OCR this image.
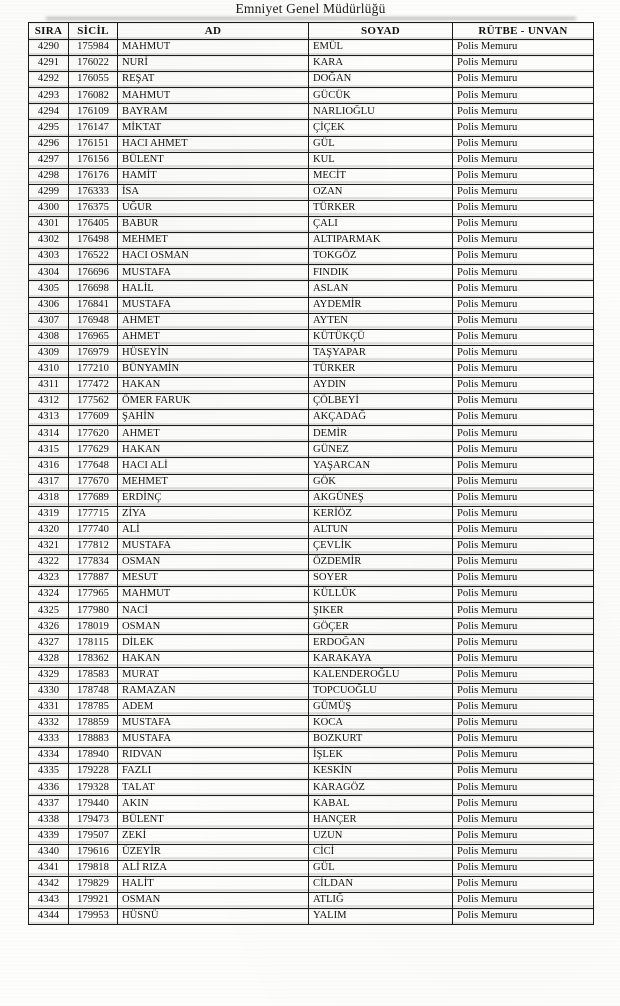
Emniyet Genel Müdürlüğü
SIRA	SİCİL	AD	SOYAD	RÜTBE - UNVAN
4290	175984	MAHMUT	EMÜL	Polis Memuru
4291	176022	NURİ	KARA	Polis Memuru
4292	176055	REŞAT	DOĞAN	Polis Memuru
4293	176082	MAHMUT	GÜCÜK	Polis Memuru
4294	176109	BAYRAM	NARLIOĞLU	Polis Memuru
4295	176147	MİKTAT	ÇİÇEK	Polis Memuru
4296	176151	HACI AHMET	GÜL	Polis Memuru
4297	176156	BÜLENT	KUL	Polis Memuru
4298	176176	HAMİT	MECİT	Polis Memuru
4299	176333	İSA	OZAN	Polis Memuru
4300	176375	UĞUR	TÜRKER	Polis Memuru
4301	176405	BABUR	ÇALI	Polis Memuru
4302	176498	MEHMET	ALTIPARMAK	Polis Memuru
4303	176522	HACI OSMAN	TOKGÖZ	Polis Memuru
4304	176696	MUSTAFA	FINDIK	Polis Memuru
4305	176698	HALİL	ASLAN	Polis Memuru
4306	176841	MUSTAFA	AYDEMİR	Polis Memuru
4307	176948	AHMET	AYTEN	Polis Memuru
4308	176965	AHMET	KÜTÜKÇÜ	Polis Memuru
4309	176979	HÜSEYİN	TAŞYAPAR	Polis Memuru
4310	177210	BÜNYAMİN	TÜRKER	Polis Memuru
4311	177472	HAKAN	AYDIN	Polis Memuru
4312	177562	ÖMER FARUK	ÇÖLBEYİ	Polis Memuru
4313	177609	ŞAHİN	AKÇADAĞ	Polis Memuru
4314	177620	AHMET	DEMİR	Polis Memuru
4315	177629	HAKAN	GÜNEZ	Polis Memuru
4316	177648	HACI ALİ	YAŞARCAN	Polis Memuru
4317	177670	MEHMET	GÖK	Polis Memuru
4318	177689	ERDİNÇ	AKGÜNEŞ	Polis Memuru
4319	177715	ZİYA	KERİÖZ	Polis Memuru
4320	177740	ALİ	ALTUN	Polis Memuru
4321	177812	MUSTAFA	ÇEVLİK	Polis Memuru
4322	177834	OSMAN	ÖZDEMİR	Polis Memuru
4323	177887	MESUT	SOYER	Polis Memuru
4324	177965	MAHMUT	KÜLLÜK	Polis Memuru
4325	177980	NACİ	ŞIKER	Polis Memuru
4326	178019	OSMAN	GÖÇER	Polis Memuru
4327	178115	DİLEK	ERDOĞAN	Polis Memuru
4328	178362	HAKAN	KARAKAYA	Polis Memuru
4329	178583	MURAT	KALENDEROĞLU	Polis Memuru
4330	178748	RAMAZAN	TOPCUOĞLU	Polis Memuru
4331	178785	ADEM	GÜMÜŞ	Polis Memuru
4332	178859	MUSTAFA	KOCA	Polis Memuru
4333	178883	MUSTAFA	BOZKURT	Polis Memuru
4334	178940	RIDVAN	İŞLEK	Polis Memuru
4335	179228	FAZLI	KESKİN	Polis Memuru
4336	179328	TALAT	KARAGÖZ	Polis Memuru
4337	179440	AKIN	KABAL	Polis Memuru
4338	179473	BÜLENT	HANÇER	Polis Memuru
4339	179507	ZEKİ	UZUN	Polis Memuru
4340	179616	ÜZEYİR	CİCİ	Polis Memuru
4341	179818	ALİ RIZA	GÜL	Polis Memuru
4342	179829	HALİT	CİLDAN	Polis Memuru
4343	179921	OSMAN	ATLIĞ	Polis Memuru
4344	179953	HÜSNÜ	YALIM	Polis Memuru
